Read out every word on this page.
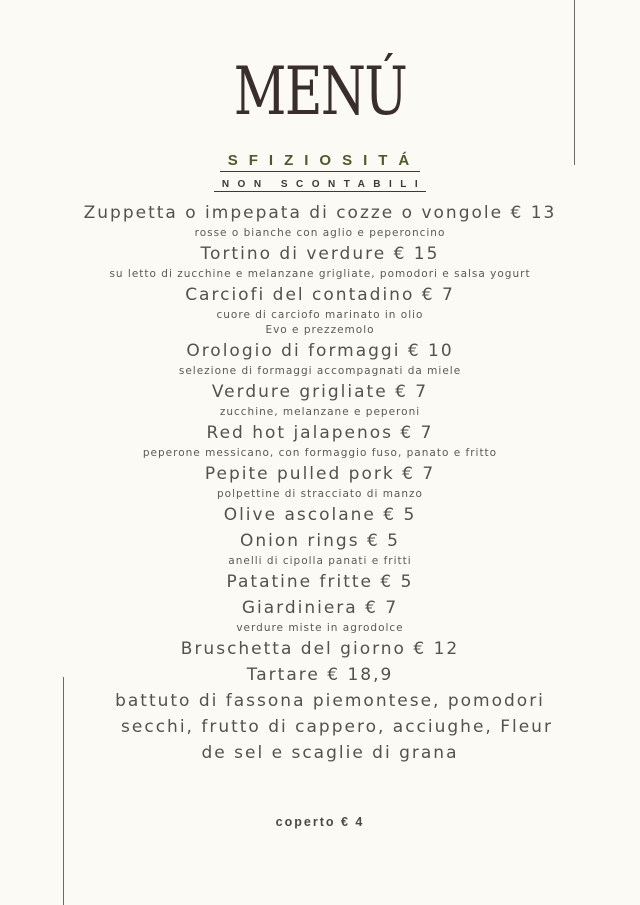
MENÚ
SFIZIOSITÁ
NON SCONTABILI
Zuppetta o impepata di cozze o vongole € 13
rosse o bianche con aglio e peperoncino
Tortino di verdure € 15
su letto di zucchine e melanzane grigliate, pomodori e salsa yogurt
Carciofi del contadino € 7
cuore di carciofo marinato in olio
Evo e prezzemolo
Orologio di formaggi € 10
selezione di formaggi accompagnati da miele
Verdure grigliate € 7
zucchine, melanzane e peperoni
Red hot jalapenos € 7
peperone messicano, con formaggio fuso, panato e fritto
Pepite pulled pork € 7
polpettine di stracciato di manzo
Olive ascolane € 5
Onion rings € 5
anelli di cipolla panati e fritti
Patatine fritte € 5
Giardiniera € 7
verdure miste in agrodolce
Bruschetta del giorno € 12
Tartare € 18,9
battuto di fassona piemontese, pomodori
secchi, frutto di cappero, acciughe, Fleur
de sel e scaglie di grana
coperto € 4
